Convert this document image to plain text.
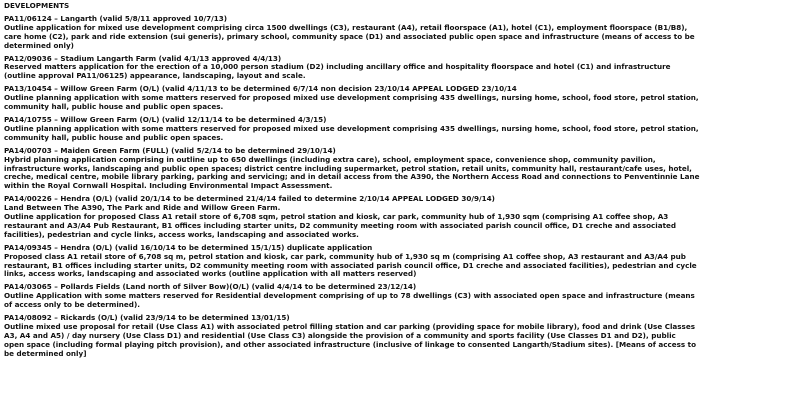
DEVELOPMENTS
PA11/06124 – Langarth (valid 5/8/11 approved 10/7/13)
Outline application for mixed use development comprising circa 1500 dwellings (C3), restaurant (A4), retail floorspace (A1), hotel (C1), employment floorspace (B1/B8),
care home (C2), park and ride extension (sui generis), primary school, community space (D1) and associated public open space and infrastructure (means of access to be
determined only)
PA12/09036 – Stadium Langarth Farm (valid 4/1/13 approved 4/4/13)
Reserved matters application for the erection of a 10,000 person stadium (D2) including ancillary office and hospitality floorspace and hotel (C1) and infrastructure
(outline approval PA11/06125) appearance, landscaping, layout and scale.
PA13/10454 – Willow Green Farm (O/L) (valid 4/11/13 to be determined 6/7/14 non decision 23/10/14 APPEAL LODGED 23/10/14
Outline planning application with some matters reserved for proposed mixed use development comprising 435 dwellings, nursing home, school, food store, petrol station,
community hall, public house and public open spaces.
PA14/10755 – Willow Green Farm (O/L) (valid 12/11/14 to be determined 4/3/15)
Outline planning application with some matters reserved for proposed mixed use development comprising 435 dwellings, nursing home, school, food store, petrol station,
community hall, public house and public open spaces.
PA14/00703 – Maiden Green Farm (FULL) (valid 5/2/14 to be determined 29/10/14)
Hybrid planning application comprising in outline up to 650 dwellings (including extra care), school, employment space, convenience shop, community pavilion,
infrastructure works, landscaping and public open spaces; district centre including supermarket, petrol station, retail units, community hall, restaurant/cafe uses, hotel,
creche, medical centre, mobile library parking, parking and servicing; and in detail access from the A390, the Northern Access Road and connections to Penventinnie Lane
within the Royal Cornwall Hospital. Including Environmental Impact Assessment.
PA14/00226 – Hendra (O/L) (valid 20/1/14 to be determined 21/4/14 failed to determine 2/10/14 APPEAL LODGED 30/9/14)
Land Between The A390, The Park and Ride and Willow Green Farm.
Outline application for proposed Class A1 retail store of 6,708 sqm, petrol station and kiosk, car park, community hub of 1,930 sqm (comprising A1 coffee shop, A3
restaurant and A3/A4 Pub Restaurant, B1 offices including starter units, D2 community meeting room with associated parish council office, D1 creche and associated
facilities), pedestrian and cycle links, access works, landscaping and associated works.
PA14/09345 – Hendra (O/L) (valid 16/10/14 to be determined 15/1/15) duplicate application
Proposed class A1 retail store of 6,708 sq m, petrol station and kiosk, car park, community hub of 1,930 sq m (comprising A1 coffee shop, A3 restaurant and A3/A4 pub
restaurant, B1 offices including starter units, D2 community meeting room with associated parish council office, D1 creche and associated facilities), pedestrian and cycle
links, access works, landscaping and associated works (outline application with all matters reserved)
PA14/03065 – Pollards Fields (Land north of Silver Bow)(O/L) (valid 4/4/14 to be determined 23/12/14)
Outline Application with some matters reserved for Residential development comprising of up to 78 dwellings (C3) with associated open space and infrastructure (means
of access only to be determined).
PA14/08092 – Rickards (O/L) (valid 23/9/14 to be determined 13/01/15)
Outline mixed use proposal for retail (Use Class A1) with associated petrol filling station and car parking (providing space for mobile library), food and drink (Use Classes
A3, A4 and A5) / day nursery (Use Class D1) and residential (Use Class C3) alongside the provision of a community and sports facility (Use Classes D1 and D2), public
open space (including formal playing pitch provision), and other associated infrastructure (inclusive of linkage to consented Langarth/Stadium sites). [Means of access to
be determined only]
